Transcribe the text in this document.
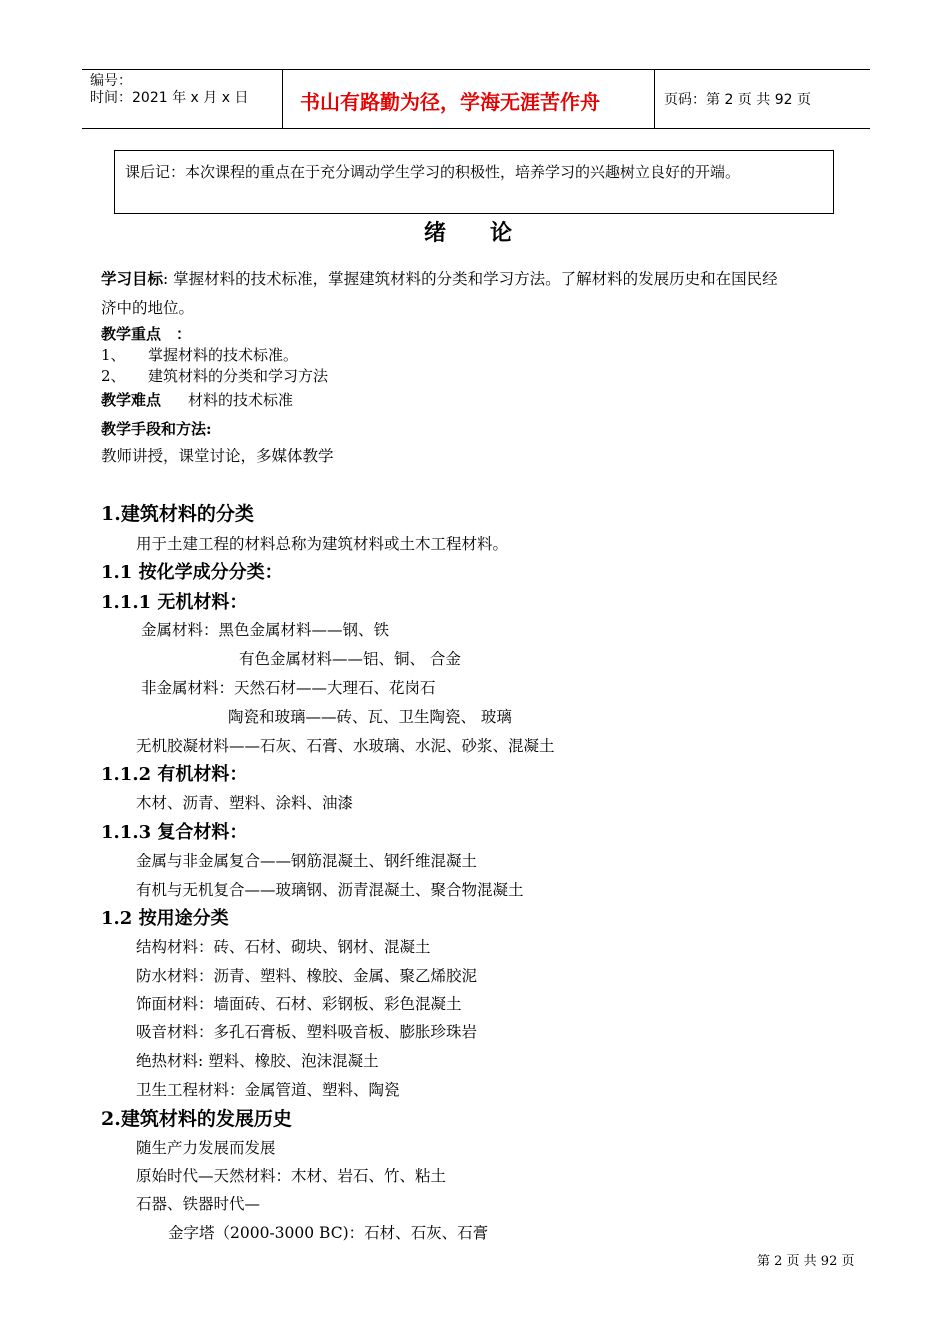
编号：
时间：2021 年 x 月 x 日	书山有路勤为径，学海无涯苦作舟	页码：第 2 页 共 92 页
课后记：本次课程的重点在于充分调动学生学习的积极性，培养学习的兴趣树立良好的开端。
绪　　论
学习目标: 掌握材料的技术标准，掌握建筑材料的分类和学习方法。了解材料的发展历史和在国民经
济中的地位。
教学重点　：
1、　　掌握材料的技术标准。
2、　　建筑材料的分类和学习方法
教学难点 材料的技术标准
教学手段和方法:
教师讲授，课堂讨论，多媒体教学
1.建筑材料的分类
用于土建工程的材料总称为建筑材料或土木工程材料。
1.1 按化学成分分类：
1.1.1 无机材料：
金属材料：黑色金属材料——钢、铁
有色金属材料——铝、铜、 合金
非金属材料：天然石材——大理石、花岗石
陶瓷和玻璃——砖、瓦、卫生陶瓷、 玻璃
无机胶凝材料——石灰、石膏、水玻璃、水泥、砂浆、混凝土
1.1.2 有机材料：
木材、沥青、塑料、涂料、油漆
1.1.3 复合材料：
金属与非金属复合——钢筋混凝土、钢纤维混凝土
有机与无机复合——玻璃钢、沥青混凝土、聚合物混凝土
1.2 按用途分类
结构材料：砖、石材、砌块、钢材、混凝土
防水材料：沥青、塑料、橡胶、金属、聚乙烯胶泥
饰面材料：墙面砖、石材、彩钢板、彩色混凝土
吸音材料：多孔石膏板、塑料吸音板、膨胀珍珠岩
绝热材料: 塑料、橡胶、泡沫混凝土
卫生工程材料：金属管道、塑料、陶瓷
2.建筑材料的发展历史
随生产力发展而发展
原始时代—天然材料：木材、岩石、竹、粘土
石器、铁器时代—
金字塔（2000-3000 BC)：石材、石灰、石膏
第 2 页 共 92 页
